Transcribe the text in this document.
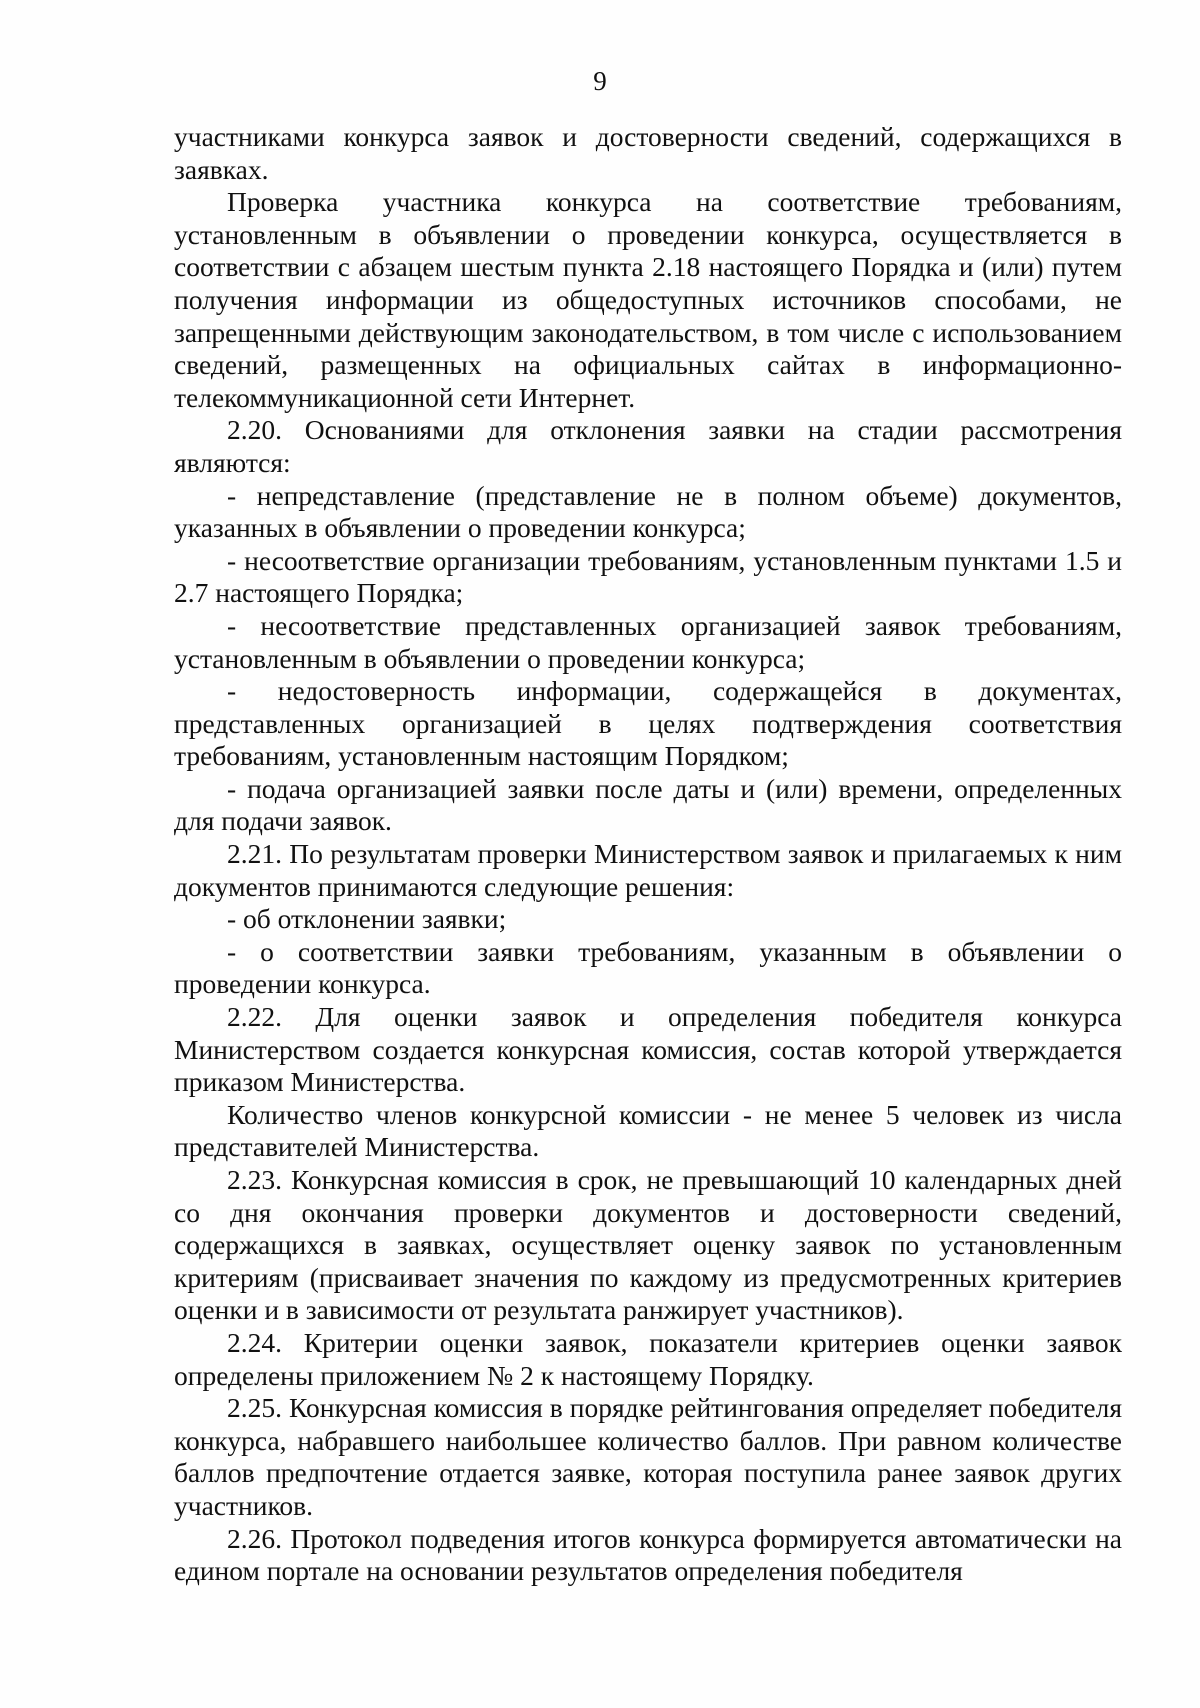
9

участниками конкурса заявок и достоверности сведений, содержащихся в заявках.

Проверка участника конкурса на соответствие требованиям, установленным в объявлении о проведении конкурса, осуществляется в соответствии с абзацем шестым пункта 2.18 настоящего Порядка и (или) путем получения информации из общедоступных источников способами, не запрещенными действующим законодательством, в том числе с использованием сведений, размещенных на официальных сайтах в информационно-телекоммуникационной сети Интернет.

2.20. Основаниями для отклонения заявки на стадии рассмотрения являются:

- непредставление (представление не в полном объеме) документов, указанных в объявлении о проведении конкурса;

- несоответствие организации требованиям, установленным пунктами 1.5 и 2.7 настоящего Порядка;

- несоответствие представленных организацией заявок требованиям, установленным в объявлении о проведении конкурса;

- недостоверность информации, содержащейся в документах, представленных организацией в целях подтверждения соответствия требованиям, установленным настоящим Порядком;

- подача организацией заявки после даты и (или) времени, определенных для подачи заявок.

2.21. По результатам проверки Министерством заявок и прилагаемых к ним документов принимаются следующие решения:

- об отклонении заявки;

- о соответствии заявки требованиям, указанным в объявлении о проведении конкурса.

2.22. Для оценки заявок и определения победителя конкурса Министерством создается конкурсная комиссия, состав которой утверждается приказом Министерства.

Количество членов конкурсной комиссии - не менее 5 человек из числа представителей Министерства.

2.23. Конкурсная комиссия в срок, не превышающий 10 календарных дней со дня окончания проверки документов и достоверности сведений, содержащихся в заявках, осуществляет оценку заявок по установленным критериям (присваивает значения по каждому из предусмотренных критериев оценки и в зависимости от результата ранжирует участников).

2.24. Критерии оценки заявок, показатели критериев оценки заявок определены приложением № 2 к настоящему Порядку.

2.25. Конкурсная комиссия в порядке рейтингования определяет победителя конкурса, набравшего наибольшее количество баллов. При равном количестве баллов предпочтение отдается заявке, которая поступила ранее заявок других участников.

2.26. Протокол подведения итогов конкурса формируется автоматически на едином портале на основании результатов определения победителя
